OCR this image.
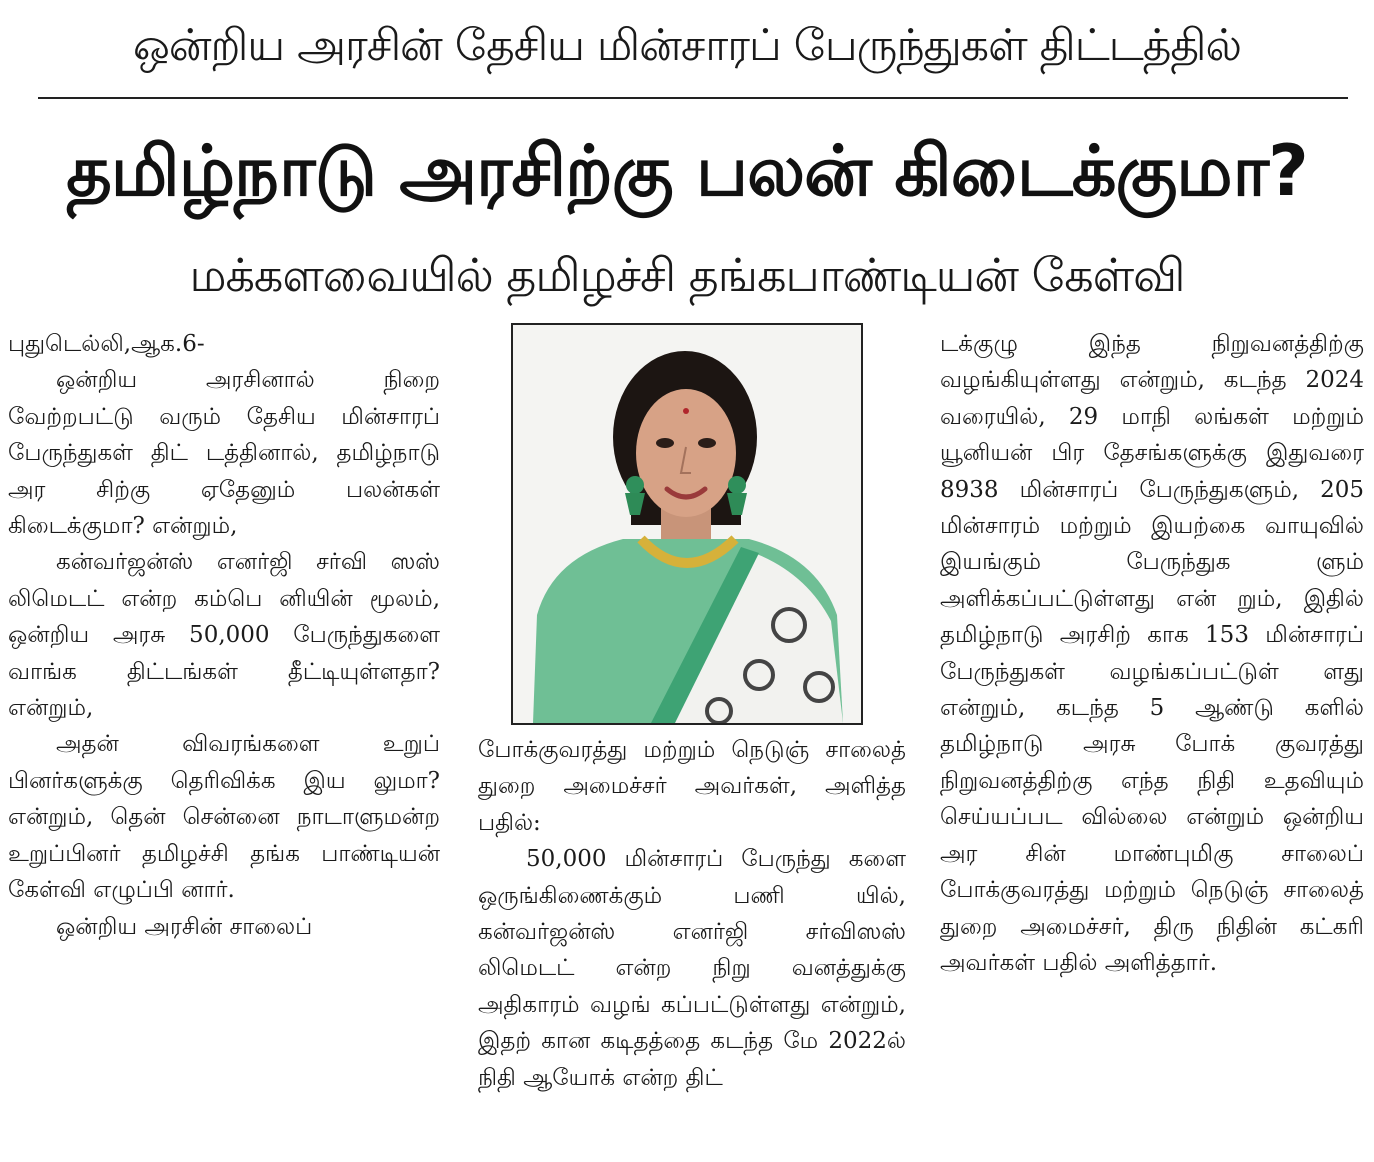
ஒன்றிய அரசின் தேசிய மின்சாரப் பேருந்துகள் திட்டத்தில்
தமிழ்நாடு அரசிற்கு பலன் கிடைக்குமா?
மக்களவையில் தமிழச்சி தங்கபாண்டியன் கேள்வி

புதுடெல்லி,ஆக.6-

ஒன்றிய அரசினால் நிறை வேற்றபட்டு வரும் தேசிய மின்சாரப் பேருந்துகள் திட் டத்தினால், தமிழ்நாடு அர சிற்கு ஏதேனும் பலன்கள் கிடைக்குமா? என்றும்,

கன்வர்ஜன்ஸ் எனர்ஜி சர்வி ஸஸ் லிமெடட் என்ற கம்பெ னியின் மூலம், ஒன்றிய அரசு 50,000 பேருந்துகளை வாங்க திட்டங்கள் தீட்டியுள்ளதா? என்றும்,

அதன் விவரங்களை உறுப் பினர்களுக்கு தெரிவிக்க இய லுமா? என்றும், தென் சென்னை நாடாளுமன்ற உறுப்பினர் தமிழச்சி தங்க பாண்டியன் கேள்வி எழுப்பி னார்.

ஒன்றிய அரசின் சாலைப்

போக்குவரத்து மற்றும் நெடுஞ் சாலைத் துறை அமைச்சர் அவர்கள், அளித்த பதில்:

50,000 மின்சாரப் பேருந்து களை ஒருங்கிணைக்கும் பணி யில், கன்வர்ஜன்ஸ் எனர்ஜி சர்விஸஸ் லிமெடட் என்ற நிறு வனத்துக்கு அதிகாரம் வழங் கப்பட்டுள்ளது என்றும், இதற் கான கடிதத்தை கடந்த மே 2022ல் நிதி ஆயோக் என்ற திட்

டக்குழு இந்த நிறுவனத்திற்கு வழங்கியுள்ளது என்றும், கடந்த 2024 வரையில், 29 மாநி லங்கள் மற்றும் யூனியன் பிர தேசங்களுக்கு இதுவரை 8938 மின்சாரப் பேருந்துகளும், 205 மின்சாரம் மற்றும் இயற்கை வாயுவில் இயங்கும் பேருந்துக ளும் அளிக்கப்பட்டுள்ளது என் றும், இதில் தமிழ்நாடு அரசிற் காக 153 மின்சாரப் பேருந்துகள் வழங்கப்பட்டுள் ளது என்றும், கடந்த 5 ஆண்டு களில் தமிழ்நாடு அரசு போக் குவரத்து நிறுவனத்திற்கு எந்த நிதி உதவியும் செய்யப்பட வில்லை என்றும் ஒன்றிய அர சின் மாண்புமிகு சாலைப் போக்குவரத்து மற்றும் நெடுஞ் சாலைத் துறை அமைச்சர், திரு நிதின் கட்கரி அவர்கள் பதில் அளித்தார்.
